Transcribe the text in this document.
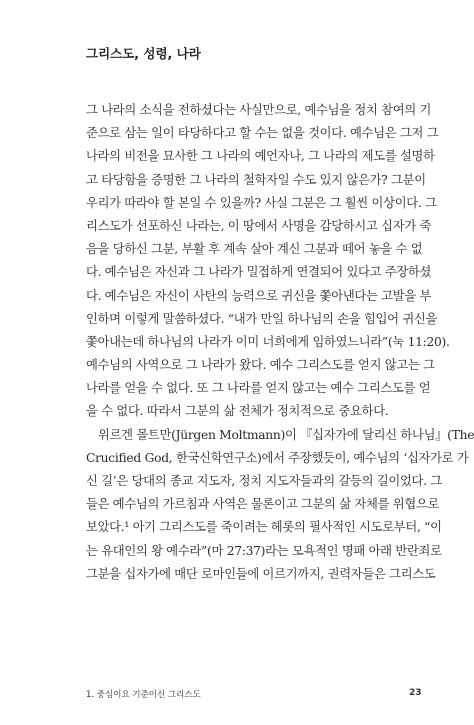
그리스도, 성령, 나라
그 나라의 소식을 전하셨다는 사실만으로, 예수님을 정치 참여의 기
준으로 삼는 일이 타당하다고 할 수는 없을 것이다. 예수님은 그저 그
나라의 비전을 묘사한 그 나라의 예언자나, 그 나라의 제도를 설명하
고 타당함을 증명한 그 나라의 철학자일 수도 있지 않은가? 그분이
우리가 따라야 할 본일 수 있을까? 사실 그분은 그 훨씬 이상이다. 그
리스도가 선포하신 나라는, 이 땅에서 사명을 감당하시고 십자가 죽
음을 당하신 그분, 부활 후 계속 살아 계신 그분과 떼어 놓을 수 없
다. 예수님은 자신과 그 나라가 밀접하게 연결되어 있다고 주장하셨
다. 예수님은 자신이 사탄의 능력으로 귀신을 쫓아낸다는 고발을 부
인하며 이렇게 말씀하셨다. “내가 만일 하나님의 손을 힘입어 귀신을
쫓아내는데 하나님의 나라가 이미 너희에게 임하였느니라”(눅 11:20).
예수님의 사역으로 그 나라가 왔다. 예수 그리스도를 얻지 않고는 그
나라를 얻을 수 없다. 또 그 나라를 얻지 않고는 예수 그리스도를 얻
을 수 없다. 따라서 그분의 삶 전체가 정치적으로 중요하다.
위르겐 몰트만(Jürgen Moltmann)이 『십자가에 달리신 하나님』(The
Crucified God, 한국신학연구소)에서 주장했듯이, 예수님의 ‘십자가로 가
신 길’은 당대의 종교 지도자, 정치 지도자들과의 갈등의 길이었다. 그
들은 예수님의 가르침과 사역은 물론이고 그분의 삶 자체를 위협으로
보았다.¹ 아기 그리스도를 죽이려는 헤롯의 필사적인 시도로부터, “이
는 유대인의 왕 예수라”(마 27:37)라는 모욕적인 명패 아래 반란죄로
그분을 십자가에 매단 로마인들에 이르기까지, 권력자들은 그리스도
1. 중심이요 기준이신 그리스도	23
